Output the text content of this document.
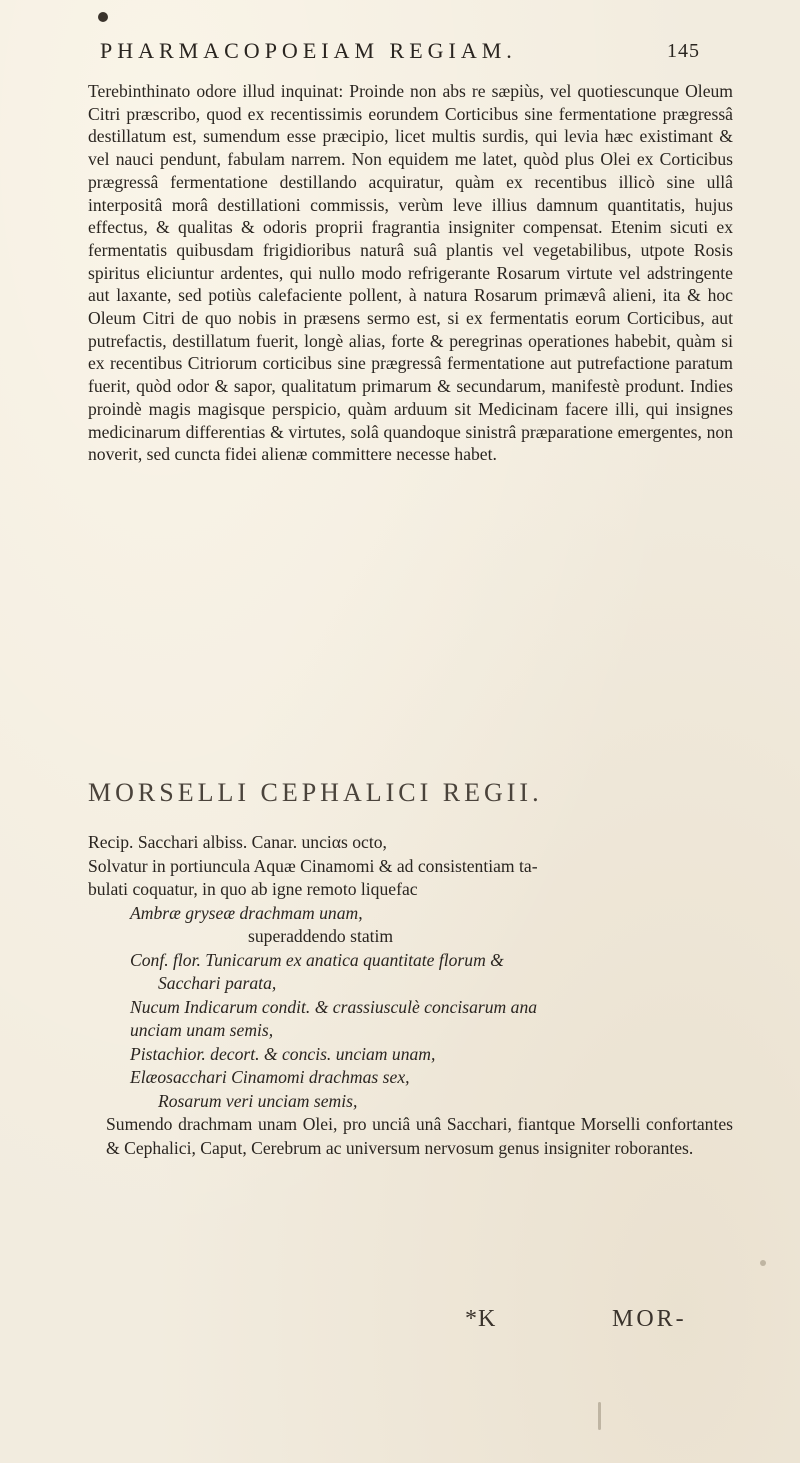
PHARMACOPOEIAM REGIAM.	145

Terebinthinato odore illud inquinat: Proinde non abs re sæpiùs, vel quotiescunque Oleum Citri præscribo, quod ex recentissimis eorundem Corticibus sine fermentatione prægressâ destillatum est, sumendum esse præcipio, licet multis surdis, qui levia hæc existimant & vel nauci pendunt, fabulam narrem. Non equidem me latet, quòd plus Olei ex Corticibus prægressâ fermentatione destillando acquiratur, quàm ex recentibus illicò sine ullâ interpositâ morâ destillationi commissis, verùm leve illius damnum quantitatis, hujus effectus, & qualitas & odoris proprii fragrantia insigniter compensat. Etenim sicuti ex fermentatis quibusdam frigidioribus naturâ suâ plantis vel vegetabilibus, utpote Rosis spiritus eliciuntur ardentes, qui nullo modo refrigerante Rosarum virtute vel adstringente aut laxante, sed potiùs calefaciente pollent, à natura Rosarum primævâ alieni, ita & hoc Oleum Citri de quo nobis in præsens sermo est, si ex fermentatis eorum Corticibus, aut putrefactis, destillatum fuerit, longè alias, forte & peregrinas operationes habebit, quàm si ex recentibus Citriorum corticibus sine prægressâ fermentatione aut putrefactione paratum fuerit, quòd odor & sapor, qualitatum primarum & secundarum, manifestè produnt. Indies proindè magis magisque perspicio, quàm arduum sit Medicinam facere illi, qui insignes medicinarum differentias & virtutes, solâ quandoque sinistrâ præparatione emergentes, non noverit, sed cuncta fidei alienæ committere necesse habet.

MORSELLI CEPHALICI REGII.
Recip. Sacchari albiss. Canar. unciαs octo,
Solvatur in portiuncula Aquæ Cinamomi & ad consistentiam ta-
bulati coquatur, in quo ab igne remoto liquefac
Ambræ gryseæ drachmam unam,
superaddendo statim
Conf. flor. Tunicarum ex anatica quantitate florum &
Sacchari parata,
Nucum Indicarum condit. & crassiusculè concisarum ana
unciam unam semis,
Pistachior. decort. & concis. unciam unam,
Elæosacchari Cinamomi drachmas sex,
Rosarum veri unciam semis,
Sumendo drachmam unam Olei, pro unciâ unâ Sacchari, fiantque Morselli confortantes & Cephalici, Caput, Cerebrum ac universum nervosum genus insigniter roborantes.
*K	MOR-
